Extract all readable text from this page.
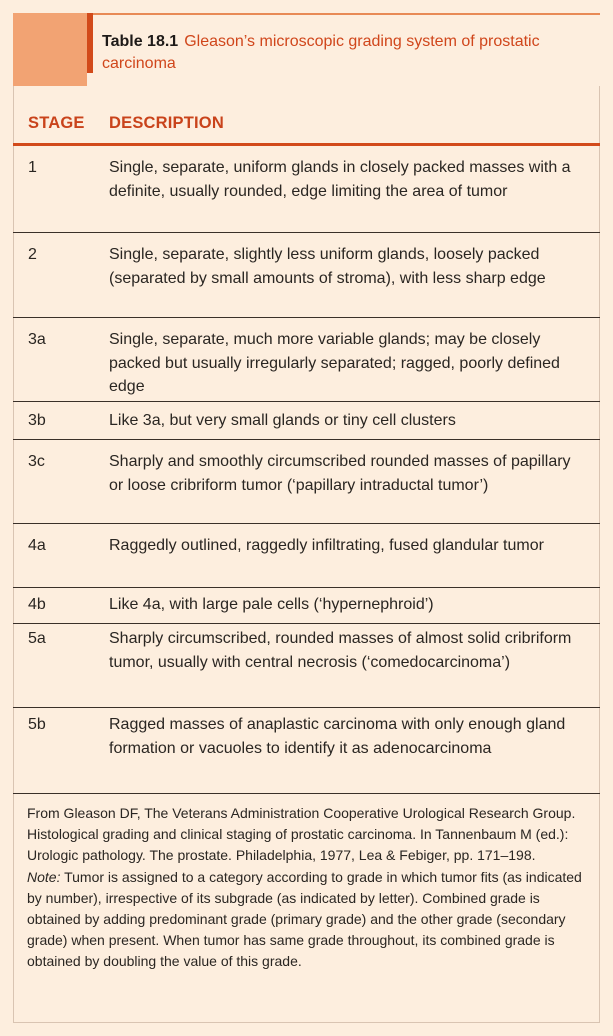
Table 18.1 Gleason’s microscopic grading system of prostatic carcinoma
STAGE DESCRIPTION
1	Single, separate, uniform glands in closely packed masses with a definite, usually rounded, edge limiting the area of tumor
2	Single, separate, slightly less uniform glands, loosely packed (separated by small amounts of stroma), with less sharp edge
3a	Single, separate, much more variable glands; may be closely packed but usually irregularly separated; ragged, poorly defined edge
3b	Like 3a, but very small glands or tiny cell clusters
3c	Sharply and smoothly circumscribed rounded masses of papillary or loose cribriform tumor (‘papillary intraductal tumor’)
4a	Raggedly outlined, raggedly infiltrating, fused glandular tumor
4b	Like 4a, with large pale cells (‘hypernephroid’)
5a	Sharply circumscribed, rounded masses of almost solid cribriform tumor, usually with central necrosis (‘comedocarcinoma’)
5b	Ragged masses of anaplastic carcinoma with only enough gland formation or vacuoles to identify it as adenocarcinoma

From Gleason DF, The Veterans Administration Cooperative Urological Research Group. Histological grading and clinical staging of prostatic carcinoma. In Tannenbaum M (ed.): Urologic pathology. The prostate. Philadelphia, 1977, Lea & Febiger, pp. 171–198.

Note: Tumor is assigned to a category according to grade in which tumor fits (as indicated by number), irrespective of its subgrade (as indicated by letter). Combined grade is obtained by adding predominant grade (primary grade) and the other grade (secondary grade) when present. When tumor has same grade throughout, its combined grade is obtained by doubling the value of this grade.
